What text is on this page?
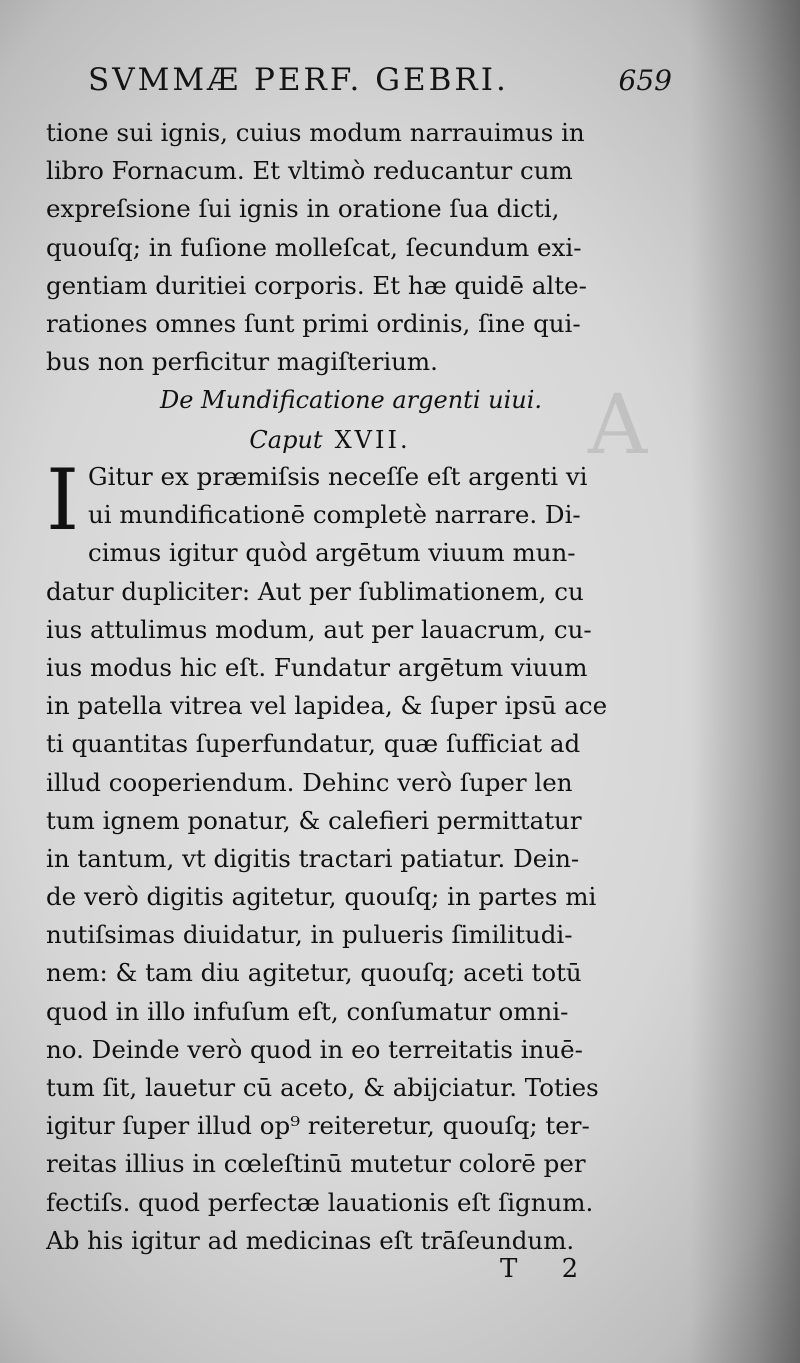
A
SVMMÆ PERF. GEBRI.	659
tione sui ignis, cuius modum narrauimus in
libro Fornacum. Et vltimò reducantur cum
expreſsione ſui ignis in oratione ſua dicti,
quouſq; in fuſione molleſcat, ſecundum exi-
gentiam duritiei corporis. Et hæ quidē alte-
rationes omnes ſunt primi ordinis, ſine qui-
bus non perficitur magiſterium.
De Mundificatione argenti uiui.
Caput XVII.
I Gitur ex præmiſsis neceſſe eſt argenti vi
ui mundificationē completè narrare. Di-
cimus igitur quòd argētum viuum mun-
datur dupliciter: Aut per ſublimationem, cu
ius attulimus modum, aut per lauacrum, cu-
ius modus hic eſt. Fundatur argētum viuum
in patella vitrea vel lapidea, & ſuper ipsū ace
ti quantitas ſuperfundatur, quæ ſufficiat ad
illud cooperiendum. Dehinc verò ſuper len
tum ignem ponatur, & calefieri permittatur
in tantum, vt digitis tractari patiatur. Dein-
de verò digitis agitetur, quouſq; in partes mi
nutiſsimas diuidatur, in pulueris ſimilitudi-
nem: & tam diu agitetur, quouſq; aceti totū
quod in illo infuſum eſt, conſumatur omni-
no. Deinde verò quod in eo terreitatis inuē-
tum ſit, lauetur cū aceto, & abijciatur. Toties
igitur ſuper illud op⁹ reiteretur, quouſq; ter-
reitas illius in cœleſtinū mutetur colorē per
fectiſs. quod perfectæ lauationis eſt ſignum.
Ab his igitur ad medicinas eſt trāſeundum.
T 2
